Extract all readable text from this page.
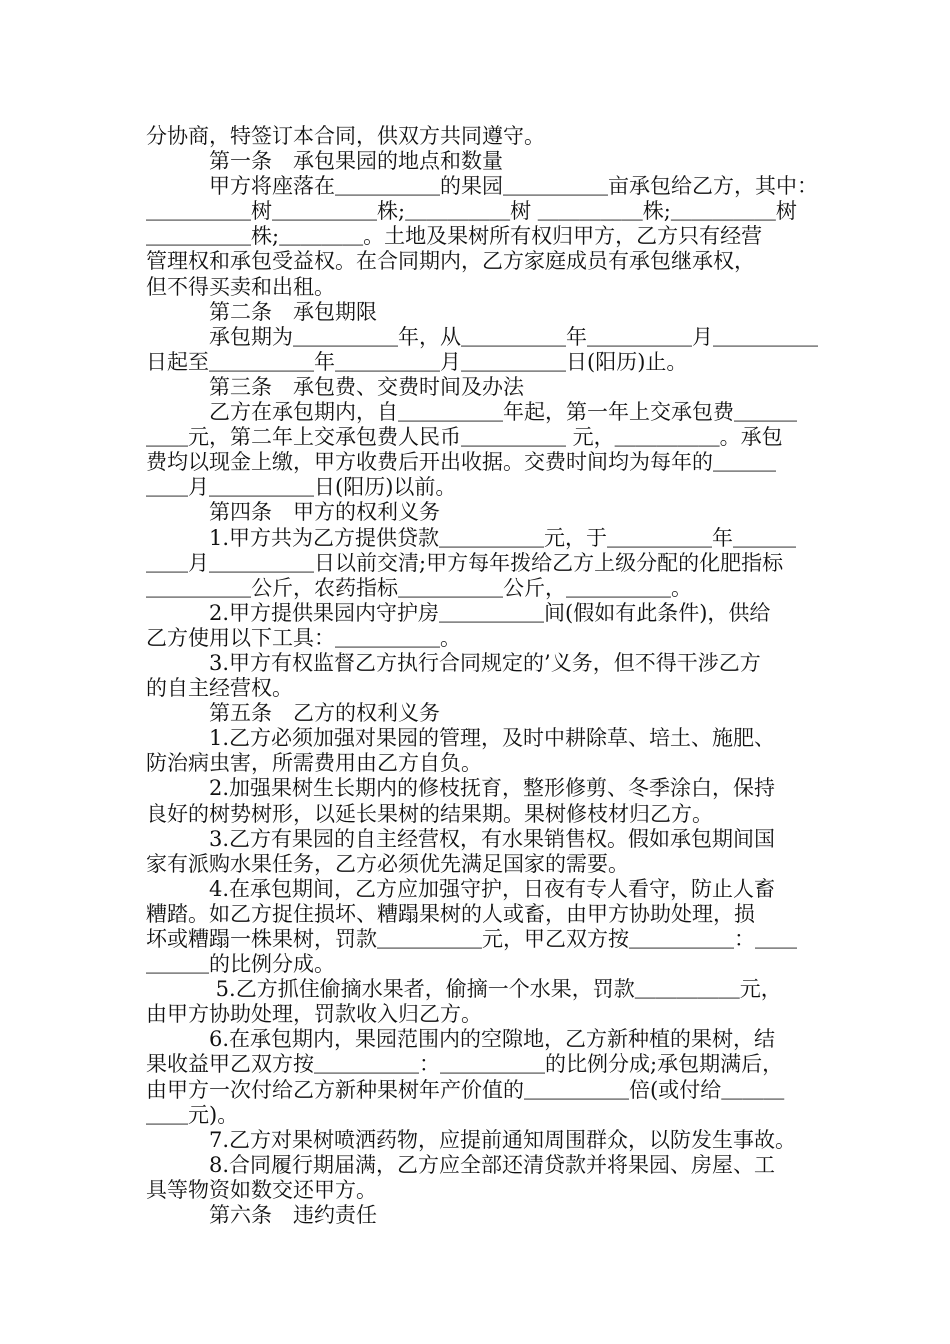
分协商，特签订本合同，供双方共同遵守。
　　　第一条　承包果园的地点和数量
　　　甲方将座落在＿＿＿＿＿的果园＿＿＿＿＿亩承包给乙方，其中：
＿＿＿＿＿树＿＿＿＿＿株;＿＿＿＿＿树 ＿＿＿＿＿株;＿＿＿＿＿树
＿＿＿＿＿株;＿＿＿＿。土地及果树所有权归甲方，乙方只有经营
管理权和承包受益权。在合同期内，乙方家庭成员有承包继承权，
但不得买卖和出租。
　　　第二条　承包期限
　　　承包期为＿＿＿＿＿年，从＿＿＿＿＿年＿＿＿＿＿月＿＿＿＿＿
日起至＿＿＿＿＿年＿＿＿＿＿月＿＿＿＿＿日(阳历)止。
　　　第三条　承包费、交费时间及办法
　　　乙方在承包期内，自＿＿＿＿＿年起，第一年上交承包费＿＿＿
＿＿元，第二年上交承包费人民币＿＿＿＿＿ 元，＿＿＿＿＿。承包
费均以现金上缴，甲方收费后开出收据。交费时间均为每年的＿＿＿
＿＿月＿＿＿＿＿日(阳历)以前。
　　　第四条　甲方的权利义务
　　　1.甲方共为乙方提供贷款＿＿＿＿＿元，于＿＿＿＿＿年＿＿＿
＿＿月＿＿＿＿＿日以前交清;甲方每年拨给乙方上级分配的化肥指标
＿＿＿＿＿公斤，农药指标＿＿＿＿＿公斤，＿＿＿＿＿。
　　　2.甲方提供果园内守护房＿＿＿＿＿间(假如有此条件)，供给
乙方使用以下工具：＿＿＿＿＿。
　　　3.甲方有权监督乙方执行合同规定的’义务，但不得干涉乙方
的自主经营权。
　　　第五条　乙方的权利义务
　　　1.乙方必须加强对果园的管理，及时中耕除草、培土、施肥、
防治病虫害，所需费用由乙方自负。
　　　2.加强果树生长期内的修枝抚育，整形修剪、冬季涂白，保持
良好的树势树形，以延长果树的结果期。果树修枝材归乙方。
　　　3.乙方有果园的自主经营权，有水果销售权。假如承包期间国
家有派购水果任务，乙方必须优先满足国家的需要。
　　　4.在承包期间，乙方应加强守护，日夜有专人看守，防止人畜
糟踏。如乙方捉住损坏、糟蹋果树的人或畜，由甲方协助处理，损
坏或糟蹋一株果树，罚款＿＿＿＿＿元，甲乙双方按＿＿＿＿＿：＿＿
＿＿＿的比例分成。
　　　 5.乙方抓住偷摘水果者，偷摘一个水果，罚款＿＿＿＿＿元，
由甲方协助处理，罚款收入归乙方。
　　　6.在承包期内，果园范围内的空隙地，乙方新种植的果树，结
果收益甲乙双方按＿＿＿＿＿：＿＿＿＿＿的比例分成;承包期满后，
由甲方一次付给乙方新种果树年产价值的＿＿＿＿＿倍(或付给＿＿＿
＿＿元)。
　　　7.乙方对果树喷洒药物，应提前通知周围群众，以防发生事故。
　　　8.合同履行期届满，乙方应全部还清贷款并将果园、房屋、工
具等物资如数交还甲方。
　　　第六条　违约责任
